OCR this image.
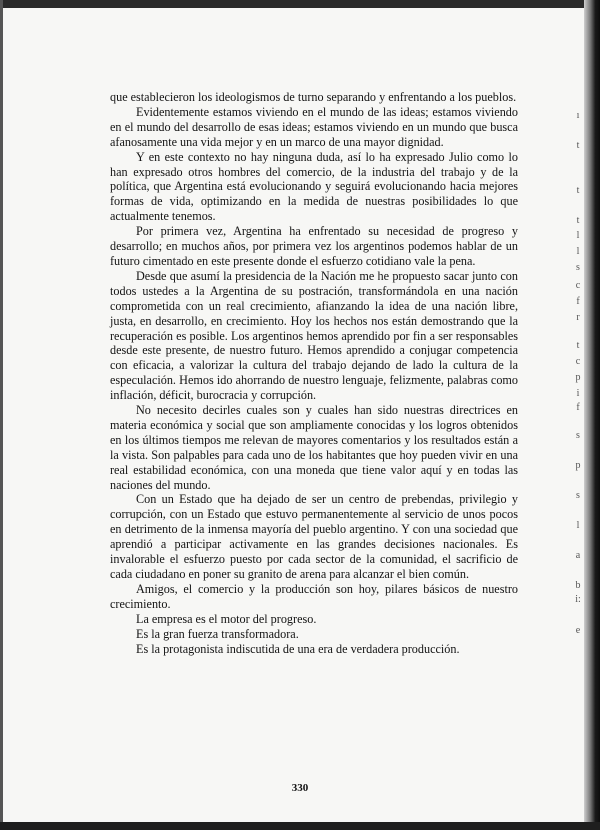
que establecieron los ideologismos de turno separando y enfrentando a los pueblos.

Evidentemente estamos viviendo en el mundo de las ideas; estamos viviendo en el mundo del desarrollo de esas ideas; estamos viviendo en un mundo que busca afanosamente una vida mejor y en un marco de una mayor dignidad.

Y en este contexto no hay ninguna duda, así lo ha expresado Julio como lo han expresado otros hombres del comercio, de la industria del trabajo y de la política, que Argentina está evolucionando y seguirá evolucionando hacia mejores formas de vida, optimizando en la medida de nuestras posibilidades lo que actualmente tenemos.

Por primera vez, Argentina ha enfrentado su necesidad de progreso y desarrollo; en muchos años, por primera vez los argentinos podemos hablar de un futuro cimentado en este presente donde el esfuerzo cotidiano vale la pena.

Desde que asumí la presidencia de la Nación me he propuesto sacar junto con todos ustedes a la Argentina de su postración, transformándola en una nación comprometida con un real crecimiento, afianzando la idea de una nación libre, justa, en desarrollo, en crecimiento. Hoy los hechos nos están demostrando que la recuperación es posible. Los argentinos hemos aprendido por fin a ser responsables desde este presente, de nuestro futuro. Hemos aprendido a conjugar competencia con eficacia, a valorizar la cultura del trabajo dejando de lado la cultura de la especulación. Hemos ido ahorrando de nuestro lenguaje, felizmente, palabras como inflación, déficit, burocracia y corrupción.

No necesito decirles cuales son y cuales han sido nuestras directrices en materia económica y social que son ampliamente conocidas y los logros obtenidos en los últimos tiempos me relevan de mayores comentarios y los resultados están a la vista. Son palpables para cada uno de los habitantes que hoy pueden vivir en una real estabilidad económica, con una moneda que tiene valor aquí y en todas las naciones del mundo.

Con un Estado que ha dejado de ser un centro de prebendas, privilegio y corrupción, con un Estado que estuvo permanentemente al servicio de unos pocos en detrimento de la inmensa mayoría del pueblo argentino. Y con una sociedad que aprendió a participar activamente en las grandes decisiones nacionales. Es invalorable el esfuerzo puesto por cada sector de la comunidad, el sacrificio de cada ciudadano en poner su granito de arena para alcanzar el bien común.

Amigos, el comercio y la producción son hoy, pilares básicos de nuestro crecimiento.

La empresa es el motor del progreso.

Es la gran fuerza transformadora.

Es la protagonista indiscutida de una era de verdadera producción.

330
ı
t
t
t
l
l
s
c
f
r
t
c
p
i
f
s
p
s
l
a
b
i:
e
